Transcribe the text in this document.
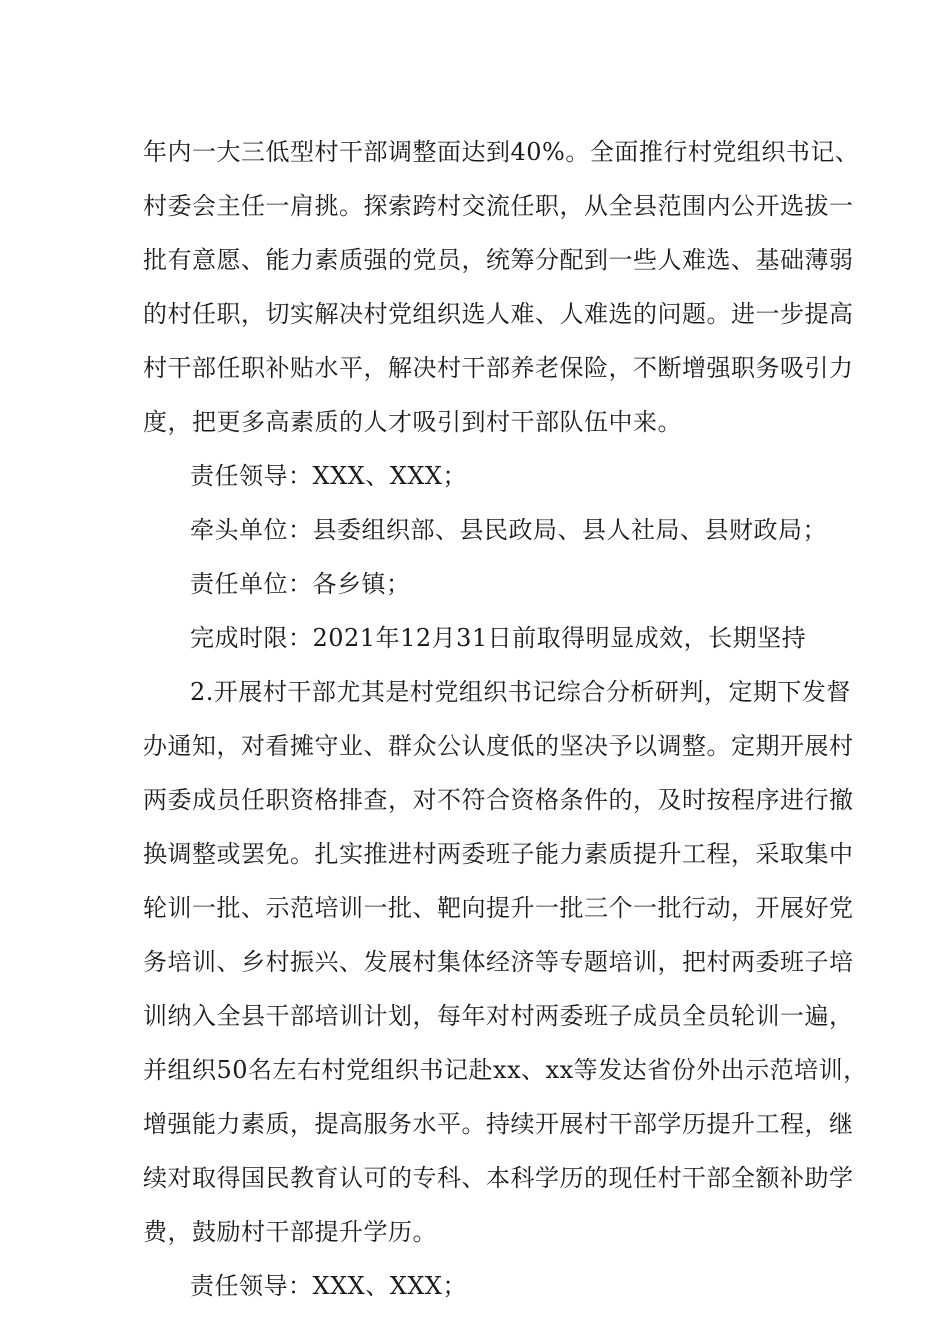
年内一大三低型村干部调整面达到40%。全面推行村党组织书记、
村委会主任一肩挑。探索跨村交流任职，从全县范围内公开选拔一
批有意愿、能力素质强的党员，统筹分配到一些人难选、基础薄弱
的村任职，切实解决村党组织选人难、人难选的问题。进一步提高
村干部任职补贴水平，解决村干部养老保险，不断增强职务吸引力
度，把更多高素质的人才吸引到村干部队伍中来。
责任领导：XXX、XXX；
牵头单位：县委组织部、县民政局、县人社局、县财政局；
责任单位：各乡镇；
完成时限：2021年12月31日前取得明显成效，长期坚持
2.开展村干部尤其是村党组织书记综合分析研判，定期下发督
办通知，对看摊守业、群众公认度低的坚决予以调整。定期开展村
两委成员任职资格排查，对不符合资格条件的，及时按程序进行撤
换调整或罢免。扎实推进村两委班子能力素质提升工程，采取集中
轮训一批、示范培训一批、靶向提升一批三个一批行动，开展好党
务培训、乡村振兴、发展村集体经济等专题培训，把村两委班子培
训纳入全县干部培训计划，每年对村两委班子成员全员轮训一遍，
并组织50名左右村党组织书记赴xx、xx等发达省份外出示范培训，
增强能力素质，提高服务水平。持续开展村干部学历提升工程，继
续对取得国民教育认可的专科、本科学历的现任村干部全额补助学
费，鼓励村干部提升学历。
责任领导：XXX、XXX；
